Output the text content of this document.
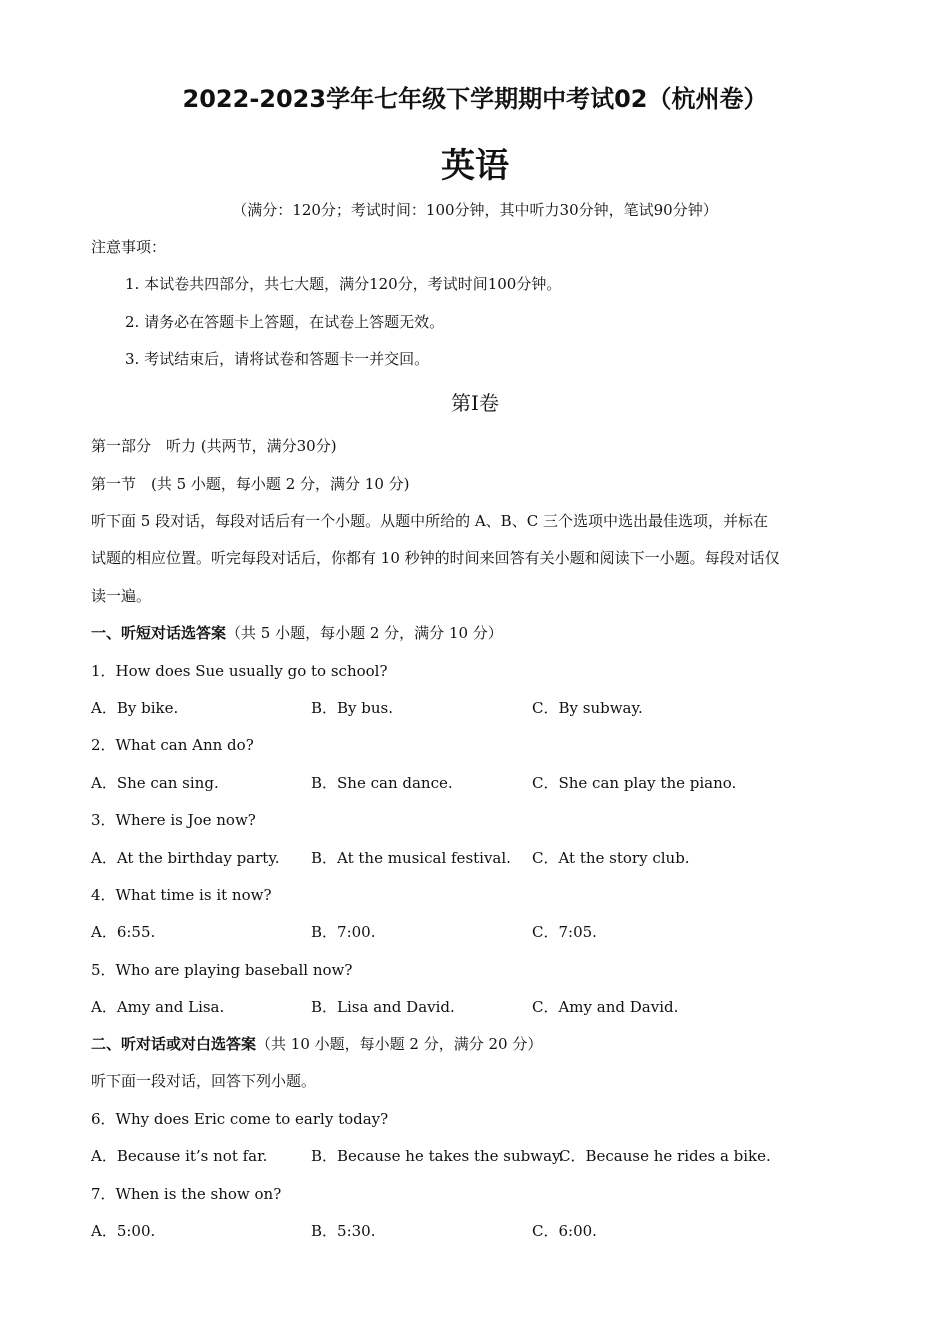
2022-2023学年七年级下学期期中考试02（杭州卷）
英语
（满分：120分；考试时间：100分钟，其中听力30分钟，笔试90分钟）
注意事项：
1. 本试卷共四部分，共七大题，满分120分，考试时间100分钟。
2. 请务必在答题卡上答题，在试卷上答题无效。
3. 考试结束后，请将试卷和答题卡一并交回。
第I卷
第一部分　听力 (共两节，满分30分)
第一节　(共 5 小题，每小题 2 分，满分 10 分)
听下面 5 段对话，每段对话后有一个小题。从题中所给的 A、B、C 三个选项中选出最佳选项，并标在
试题的相应位置。听完每段对话后，你都有 10 秒钟的时间来回答有关小题和阅读下一小题。每段对话仅
读一遍。
一、听短对话选答案（共 5 小题，每小题 2 分，满分 10 分）
1．How does Sue usually go to school?
A．By bike.	B．By bus.	C．By subway.
2．What can Ann do?
A．She can sing.	B．She can dance.	C．She can play the piano.
3．Where is Joe now?
A．At the birthday party. B．At the musical festival. C．At the story club.
4．What time is it now?
A．6:55.	B．7:00.	C．7:05.
5．Who are playing baseball now?
A．Amy and Lisa.	B．Lisa and David.	C．Amy and David.
二、听对话或对白选答案（共 10 小题，每小题 2 分，满分 20 分）
听下面一段对话，回答下列小题。
6．Why does Eric come to early today?
A．Because it’s not far.	B．Because he takes the subway.
C．Because he rides a bike.
7．When is the show on?
A．5:00.	B．5:30.	C．6:00.
